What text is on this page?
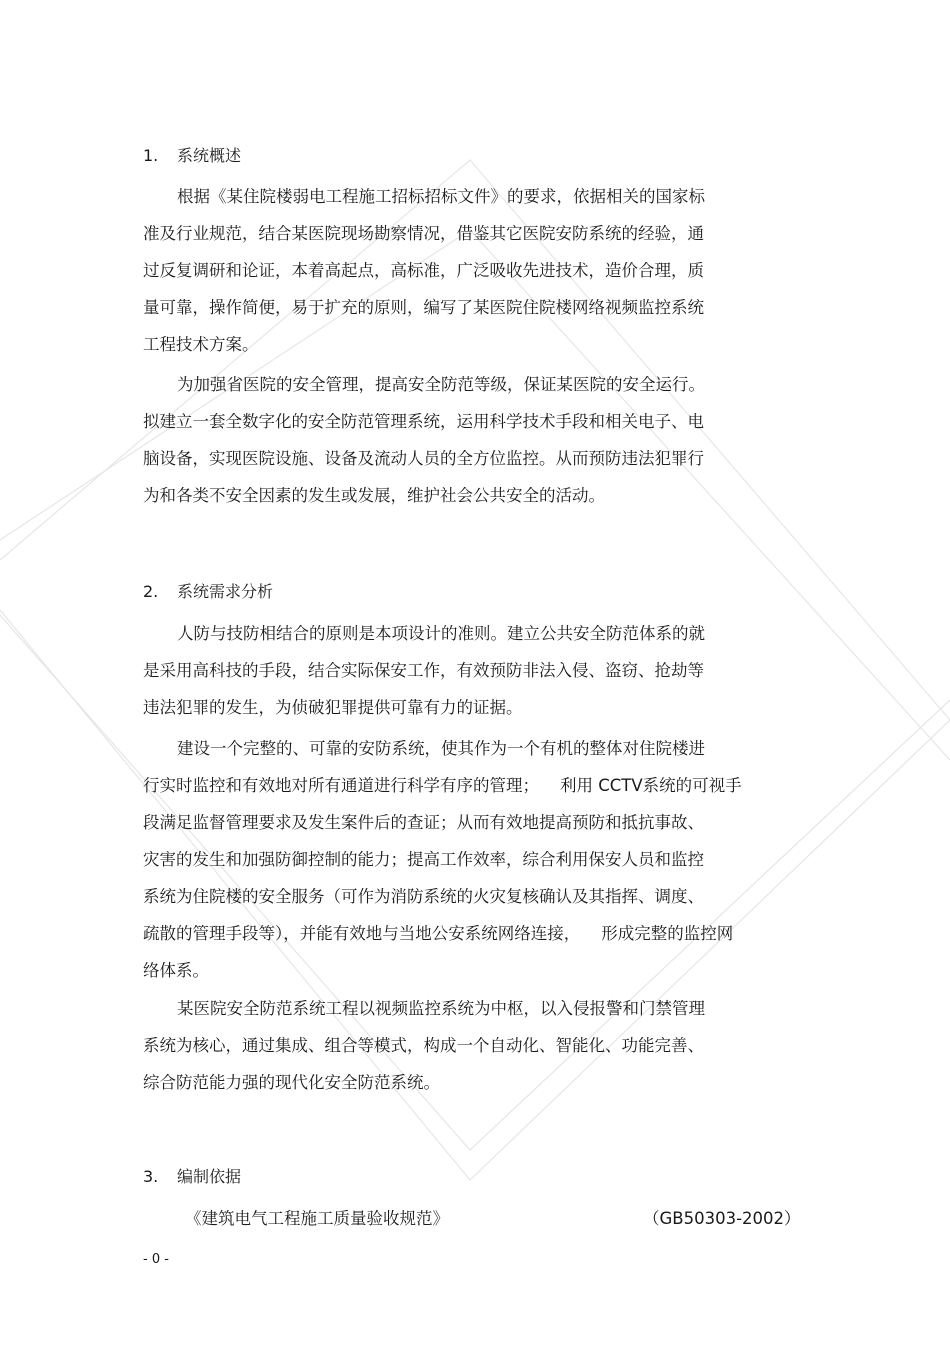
1. 系统概述
根据《某住院楼弱电工程施工招标招标文件》的要求，依据相关的国家标
准及行业规范，结合某医院现场勘察情况，借鉴其它医院安防系统的经验，通
过反复调研和论证，本着高起点，高标准，广泛吸收先进技术，造价合理，质
量可靠，操作简便，易于扩充的原则，编写了某医院住院楼网络视频监控系统
工程技术方案。
为加强省医院的安全管理，提高安全防范等级，保证某医院的安全运行。
拟建立一套全数字化的安全防范管理系统，运用科学技术手段和相关电子、电
脑设备，实现医院设施、设备及流动人员的全方位监控。从而预防违法犯罪行
为和各类不安全因素的发生或发展，维护社会公共安全的活动。
2. 系统需求分析
人防与技防相结合的原则是本项设计的准则。建立公共安全防范体系的就
是采用高科技的手段，结合实际保安工作，有效预防非法入侵、盗窃、抢劫等
违法犯罪的发生，为侦破犯罪提供可靠有力的证据。
建设一个完整的、可靠的安防系统，使其作为一个有机的整体对住院楼进
行实时监控和有效地对所有通道进行科学有序的管理；    利用 CCTV系统的可视手
段满足监督管理要求及发生案件后的查证；从而有效地提高预防和抵抗事故、
灾害的发生和加强防御控制的能力；提高工作效率，综合利用保安人员和监控
系统为住院楼的安全服务（可作为消防系统的火灾复核确认及其指挥、调度、
疏散的管理手段等），并能有效地与当地公安系统网络连接，    形成完整的监控网
络体系。
某医院安全防范系统工程以视频监控系统为中枢，以入侵报警和门禁管理
系统为核心，通过集成、组合等模式，构成一个自动化、智能化、功能完善、
综合防范能力强的现代化安全防范系统。
3. 编制依据
《建筑电气工程施工质量验收规范》	（GB50303-2002）
- 0 -
